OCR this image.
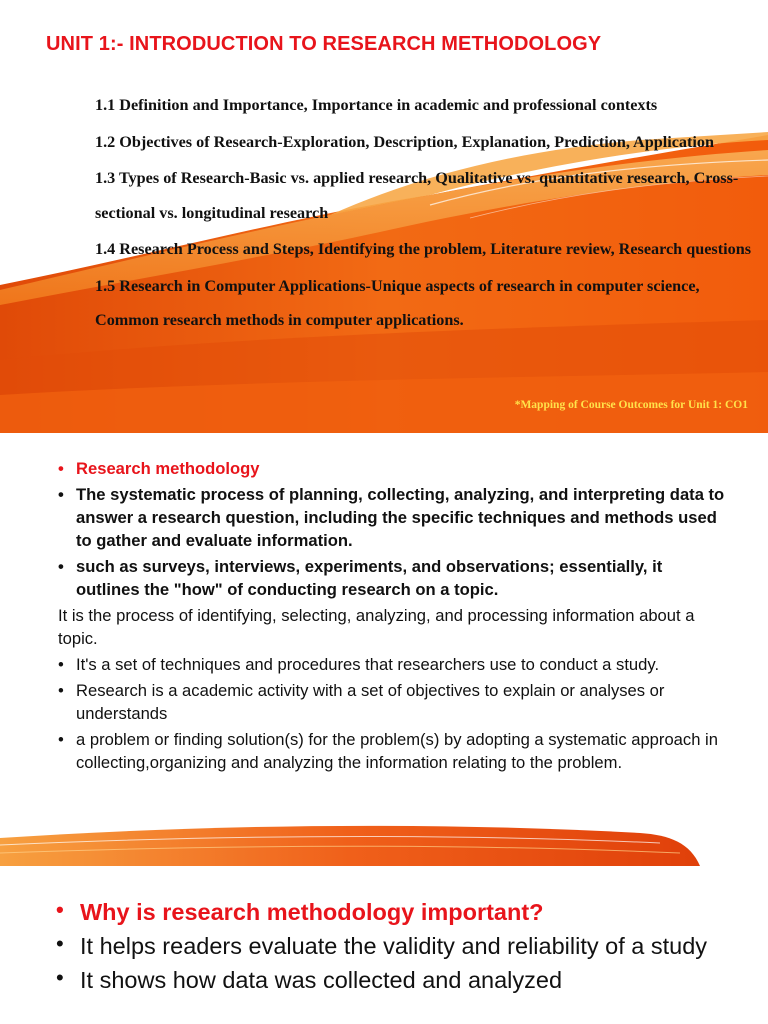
UNIT 1:- INTRODUCTION TO RESEARCH METHODOLOGY
1.1 Definition and Importance, Importance in academic and professional contexts
1.2 Objectives of Research-Exploration, Description, Explanation, Prediction, Application
1.3 Types of Research-Basic vs. applied research, Qualitative vs. quantitative research, Cross-sectional vs. longitudinal research
1.4 Research Process and Steps, Identifying the problem, Literature review, Research questions
1.5 Research in Computer Applications-Unique aspects of research in computer science, Common research methods in computer applications.
*Mapping of Course Outcomes for Unit 1: CO1
• Research methodology
• The systematic process of planning, collecting, analyzing, and interpreting data to answer a research question, including the specific techniques and methods used to gather and evaluate information.
• such as surveys, interviews, experiments, and observations; essentially, it outlines the "how" of conducting research on a topic.
It is the process of identifying, selecting, analyzing, and processing information about a topic.
• It's a set of techniques and procedures that researchers use to conduct a study.
• Research is a academic activity with a set of objectives to explain or analyses or understands
• a problem or finding solution(s) for the problem(s) by adopting a systematic approach in collecting,organizing and analyzing the information relating to the problem.
• Why is research methodology important?
• It helps readers evaluate the validity and reliability of a study
• It shows how data was collected and analyzed
